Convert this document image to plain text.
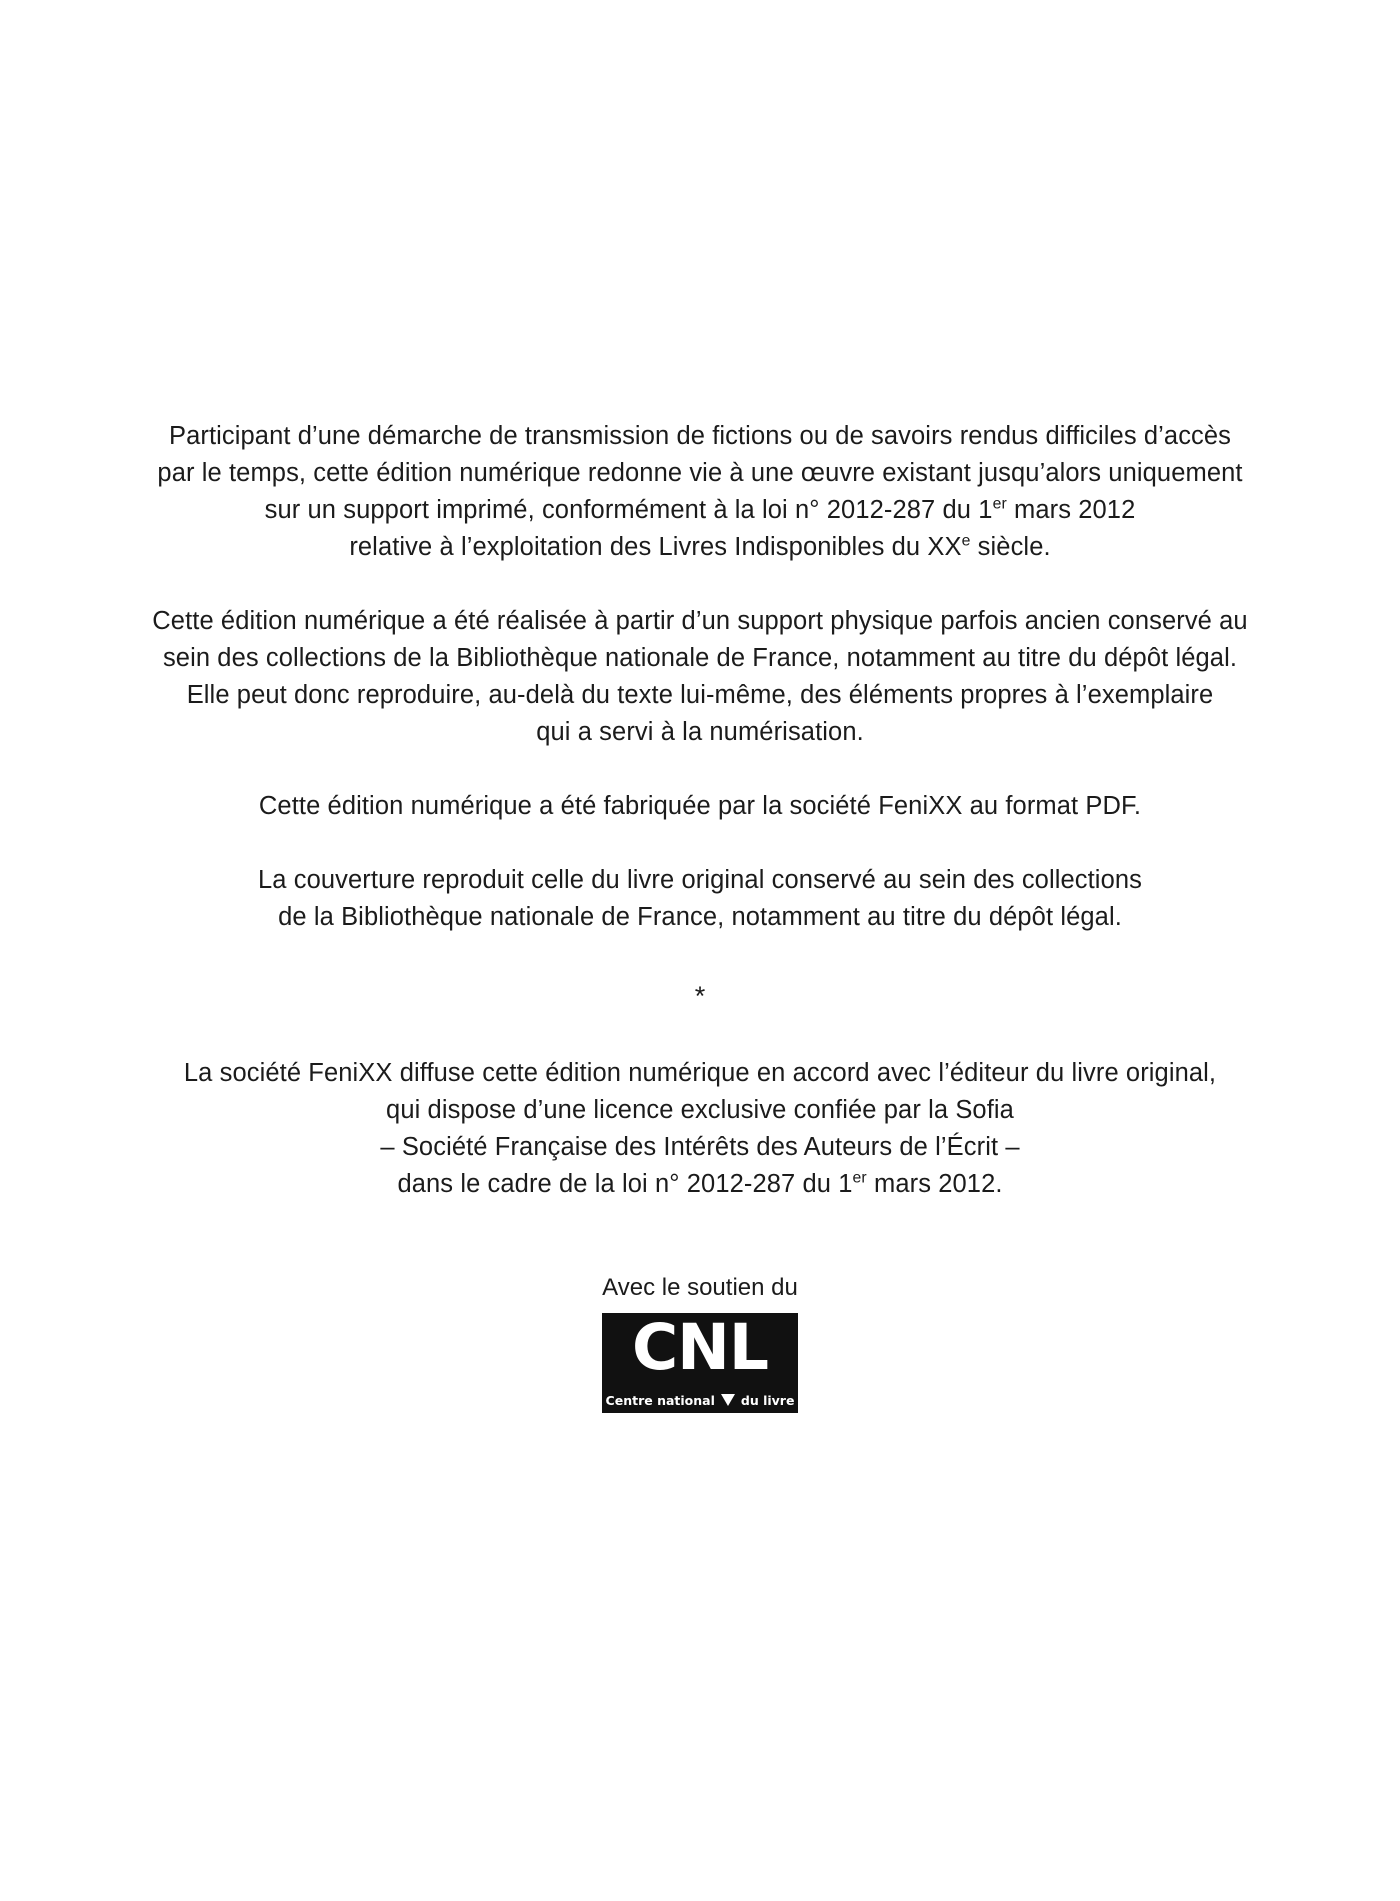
Participant d’une démarche de transmission de fictions ou de savoirs rendus difficiles d’accès
par le temps, cette édition numérique redonne vie à une œuvre existant jusqu’alors uniquement
sur un support imprimé, conformément à la loi n° 2012-287 du 1er mars 2012
relative à l’exploitation des Livres Indisponibles du XXe siècle.
Cette édition numérique a été réalisée à partir d’un support physique parfois ancien conservé au
sein des collections de la Bibliothèque nationale de France, notamment au titre du dépôt légal.
Elle peut donc reproduire, au-delà du texte lui-même, des éléments propres à l’exemplaire
qui a servi à la numérisation.
Cette édition numérique a été fabriquée par la société FeniXX au format PDF.
La couverture reproduit celle du livre original conservé au sein des collections
de la Bibliothèque nationale de France, notamment au titre du dépôt légal.
*
La société FeniXX diffuse cette édition numérique en accord avec l’éditeur du livre original,
qui dispose d’une licence exclusive confiée par la Sofia
– Société Française des Intérêts des Auteurs de l’Écrit –
dans le cadre de la loi n° 2012-287 du 1er mars 2012.
Avec le soutien du
CNL
Centre national du livre
